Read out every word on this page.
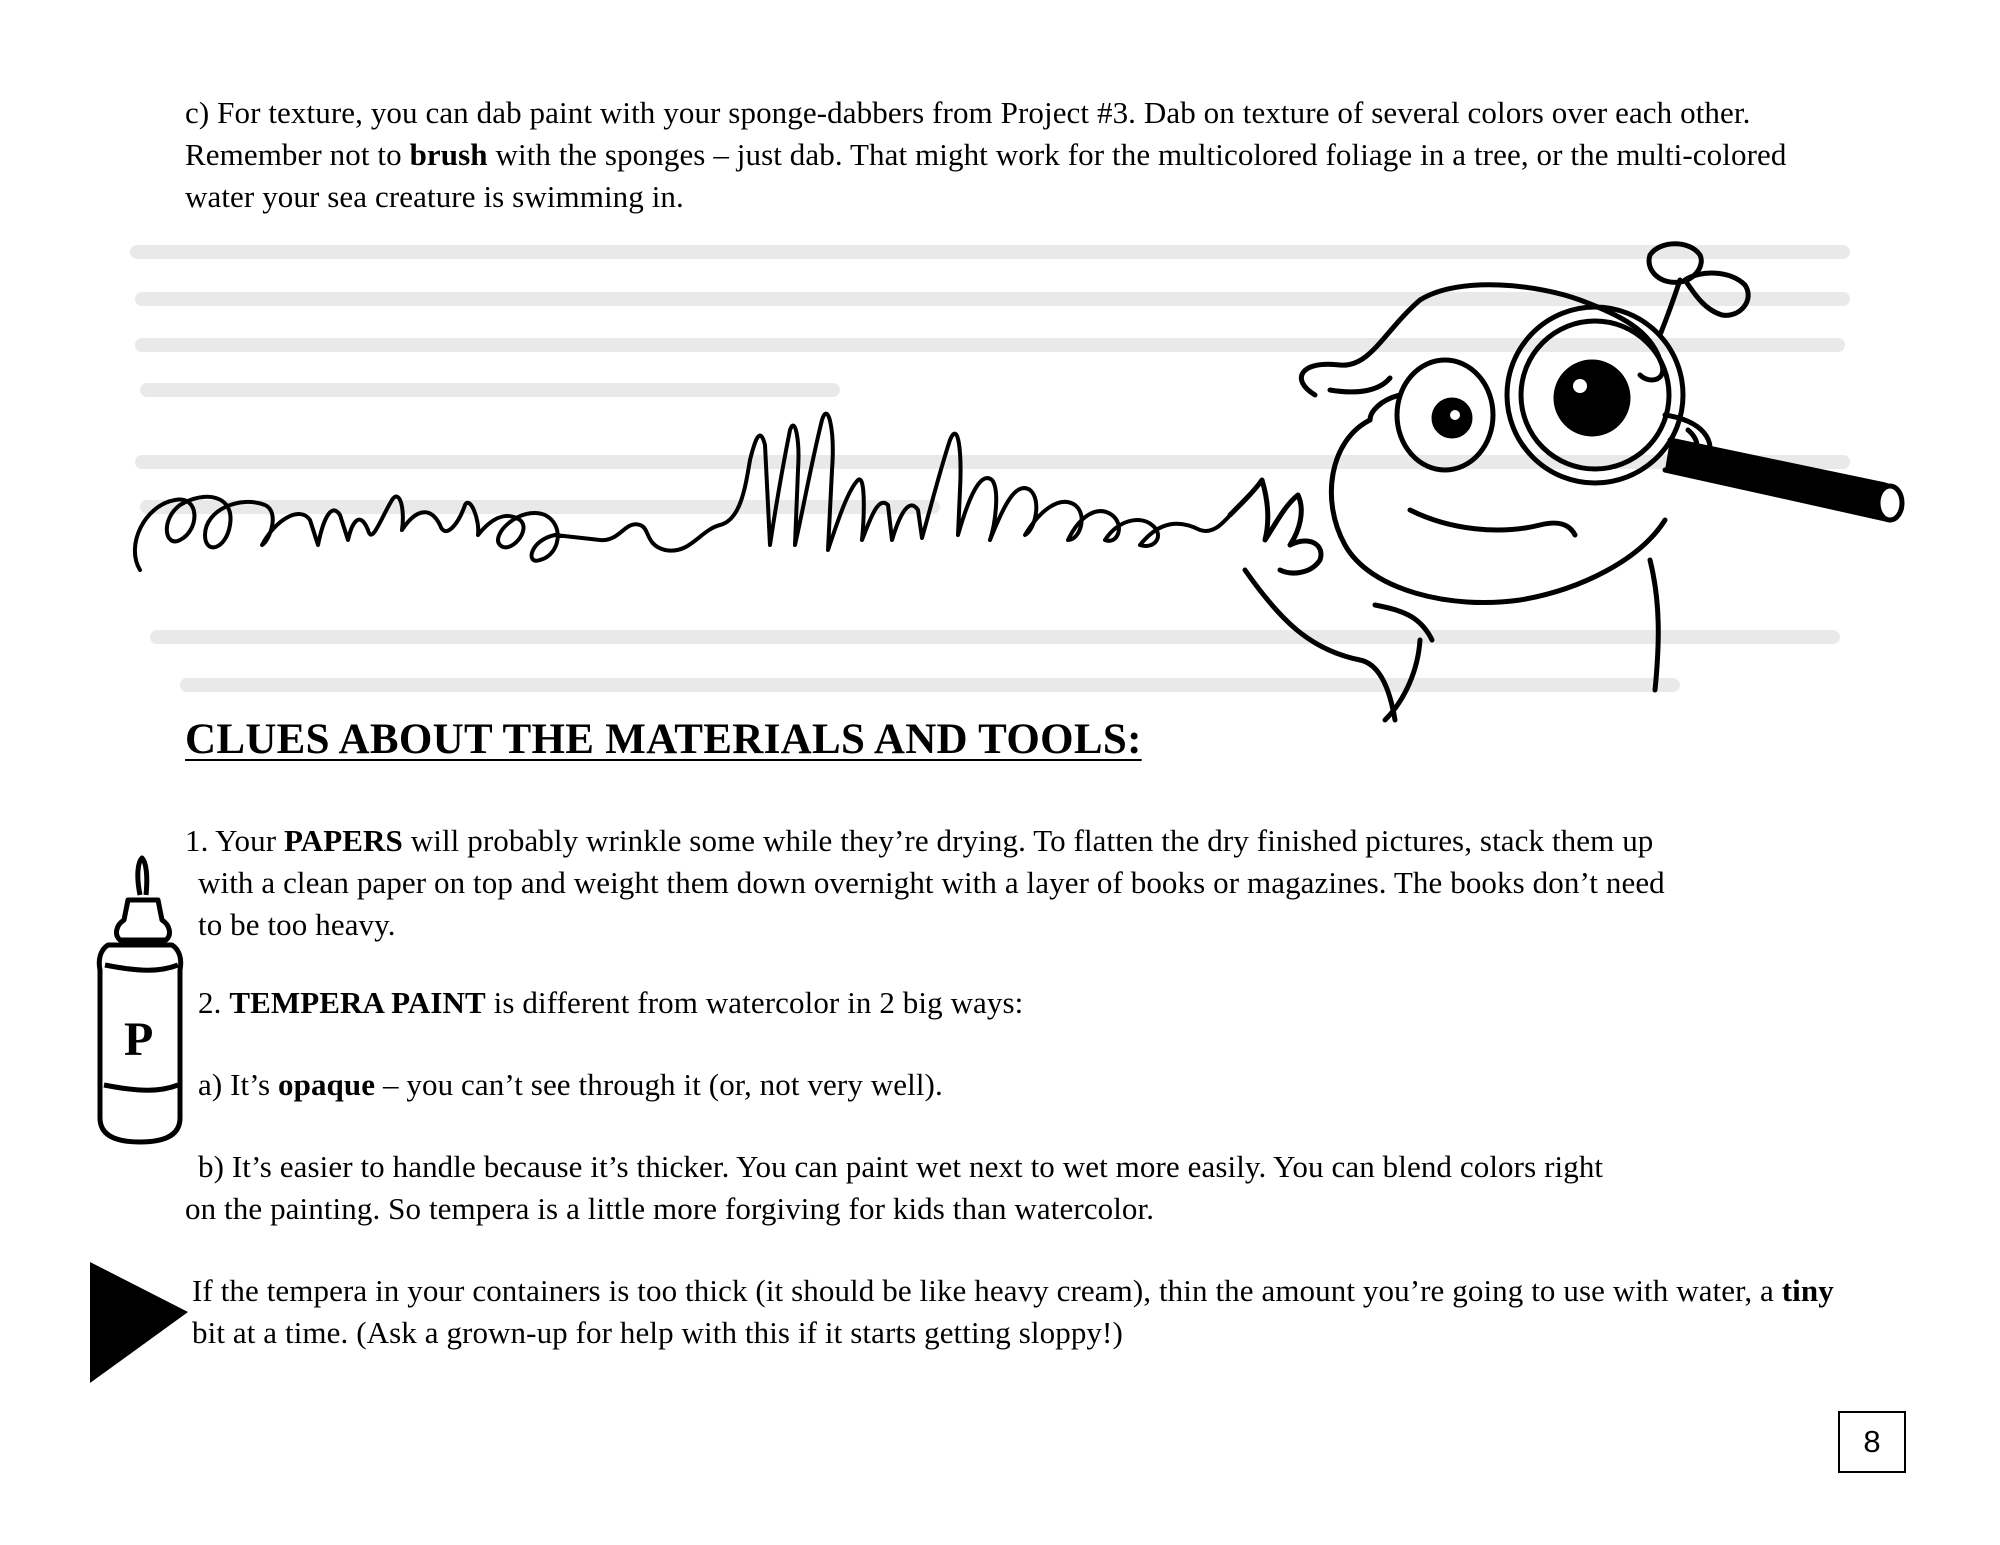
c) For texture, you can dab paint with your sponge-dabbers from Project #3. Dab on texture of several colors over each other. Remember not to brush with the sponges – just dab. That might work for the multicolored foliage in a tree, or the multi-colored water your sea creature is swimming in.

CLUES ABOUT THE MATERIALS AND TOOLS:

1. Your PAPERS will probably wrinkle some while they’re drying. To flatten the dry finished pictures, stack them up
with a clean paper on top and weight them down overnight with a layer of books or magazines. The books don’t need
to be too heavy.

P

2. TEMPERA PAINT is different from watercolor in 2 big ways:

a) It’s opaque – you can’t see through it (or, not very well).

b) It’s easier to handle because it’s thicker. You can paint wet next to wet more easily. You can blend colors right
on the painting. So tempera is a little more forgiving for kids than watercolor.

If the tempera in your containers is too thick (it should be like heavy cream), thin the amount you’re going to use with water, a tiny bit at a time. (Ask a grown-up for help with this if it starts getting sloppy!)

8
